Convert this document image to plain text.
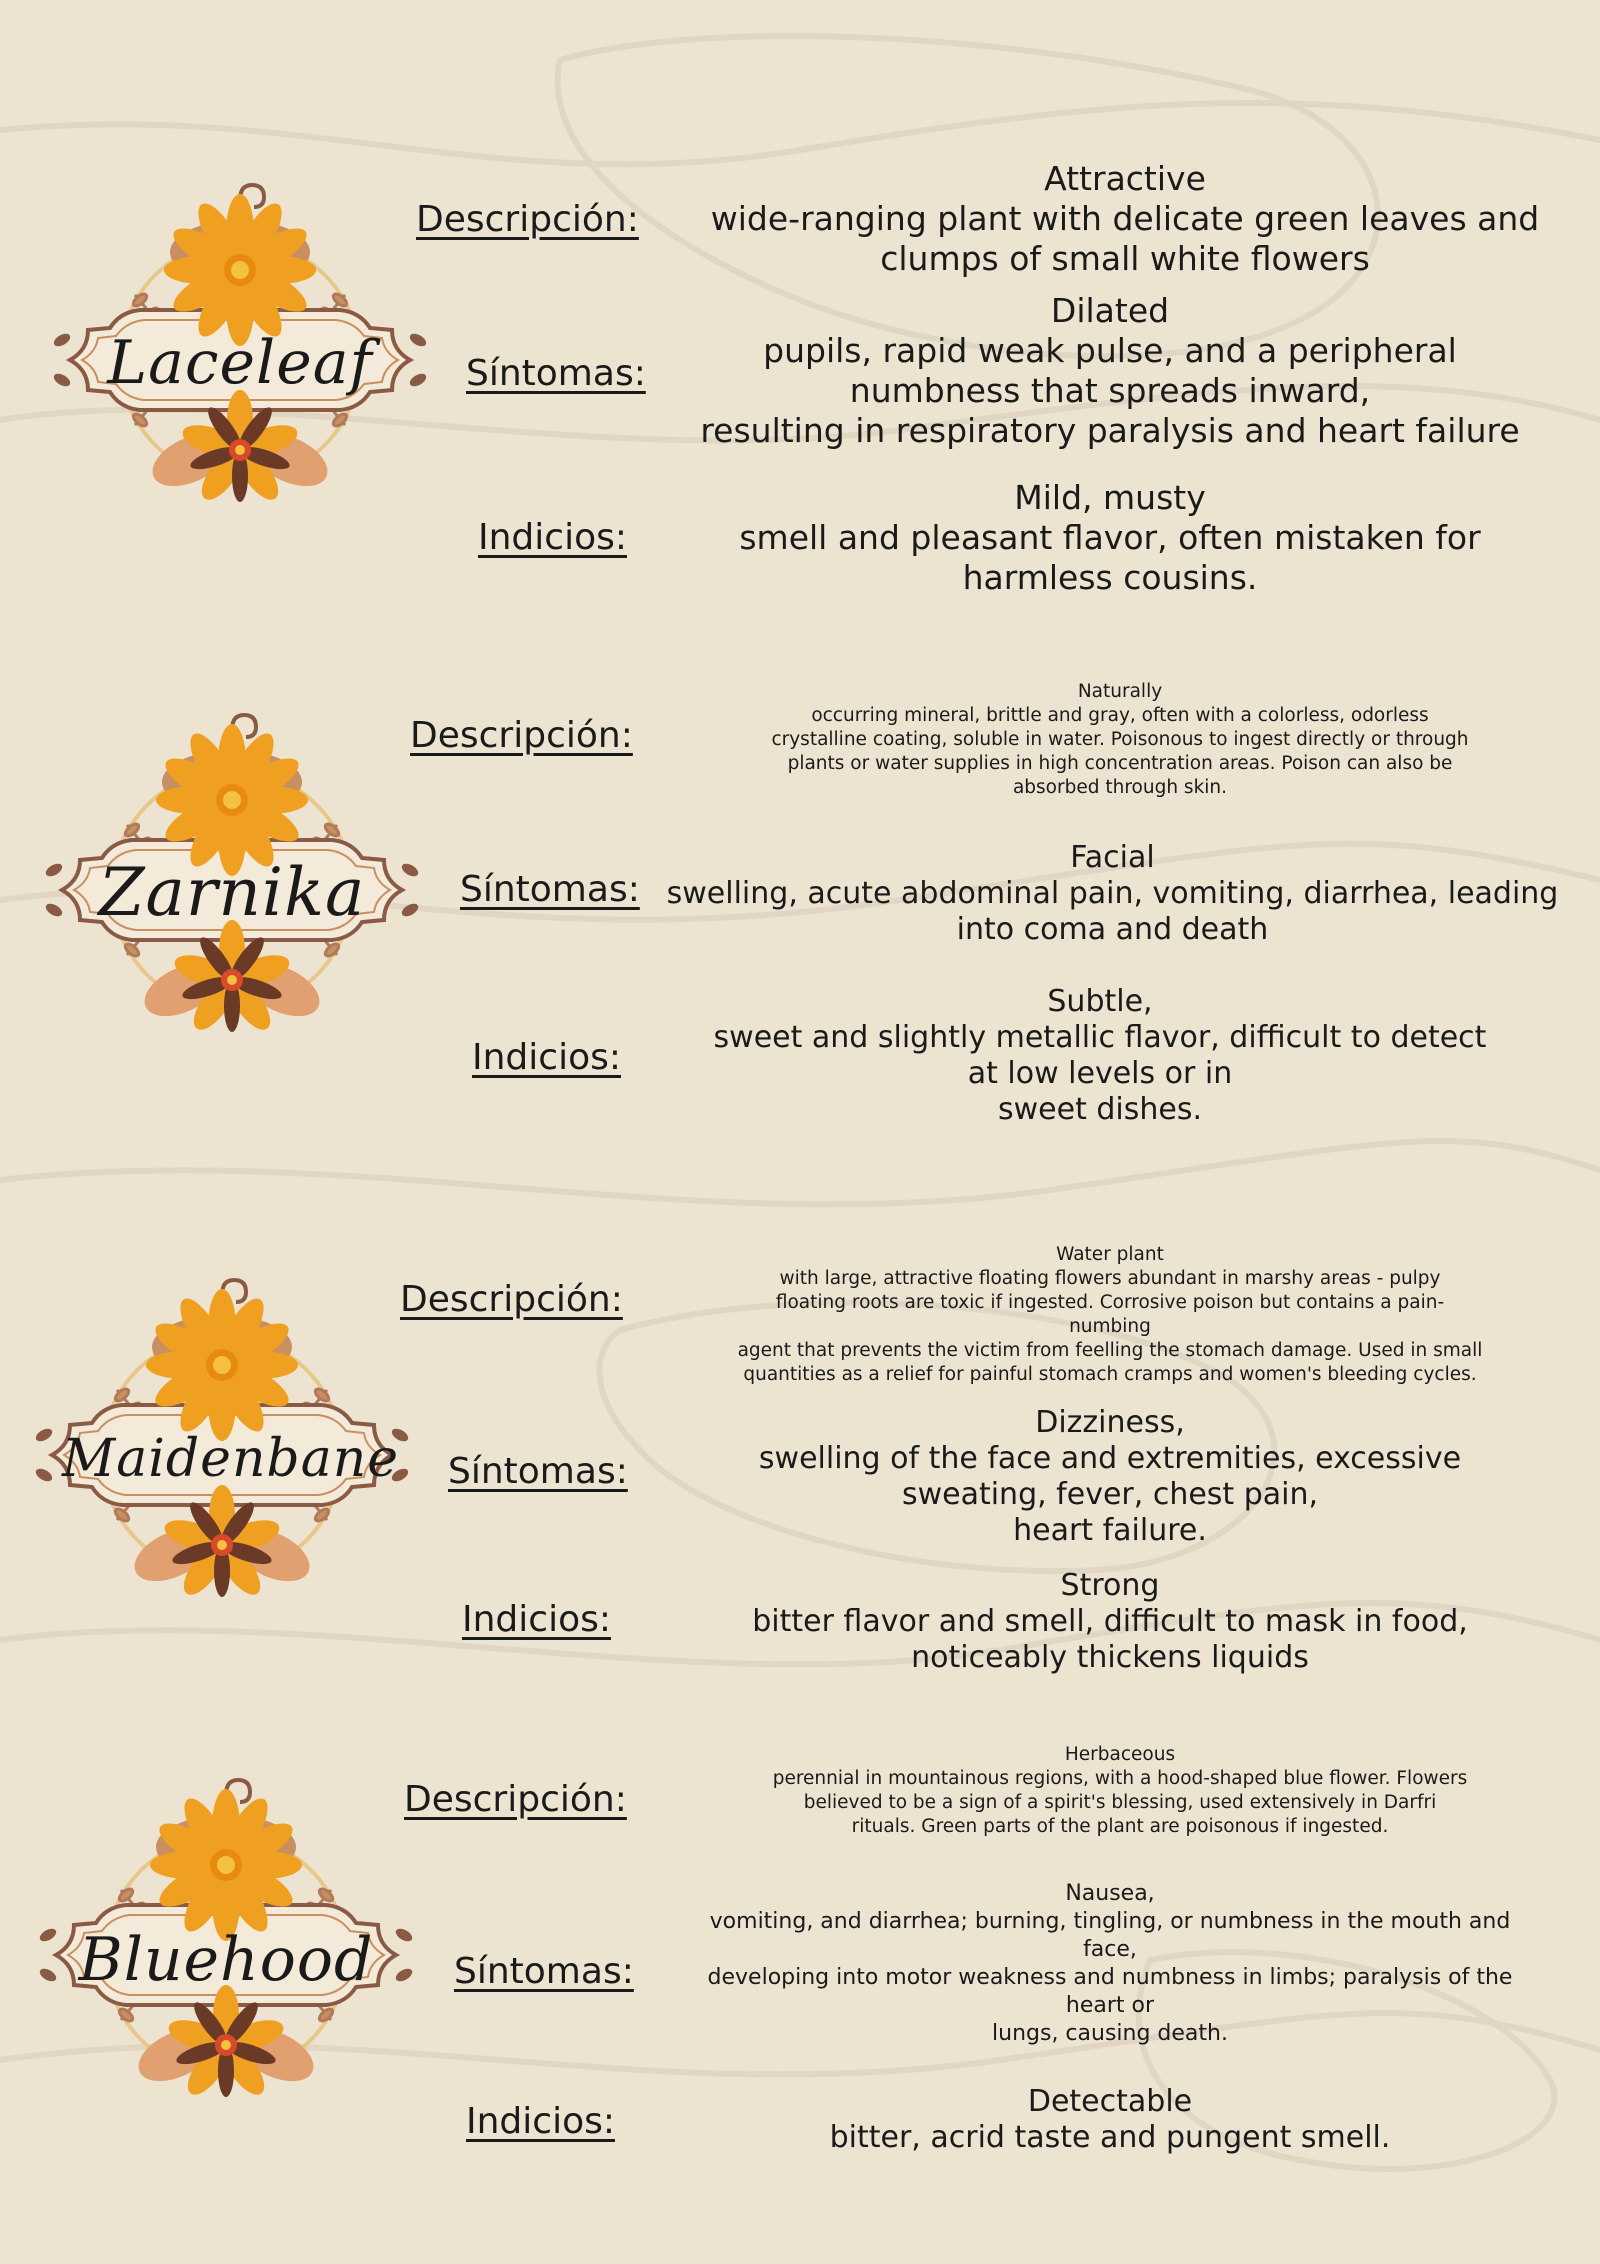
Laceleaf
Descripción:
Attractive
wide-ranging plant with delicate green leaves and
clumps of small white flowers
Síntomas:
Dilated
pupils, rapid weak pulse, and a peripheral
numbness that spreads inward,
resulting in respiratory paralysis and heart failure
Indicios:
Mild, musty
smell and pleasant flavor, often mistaken for
harmless cousins.
Zarnika
Descripción:
Naturally
occurring mineral, brittle and gray, often with a colorless, odorless
crystalline coating, soluble in water. Poisonous to ingest directly or through
plants or water supplies in high concentration areas. Poison can also be
absorbed through skin.
Síntomas:
Facial
swelling, acute abdominal pain, vomiting, diarrhea, leading
into coma and death
Indicios:
Subtle,
sweet and slightly metallic flavor, difficult to detect
at low levels or in
sweet dishes.
Maidenbane
Descripción:
Water plant
with large, attractive floating flowers abundant in marshy areas - pulpy
floating roots are toxic if ingested. Corrosive poison but contains a pain-
numbing
agent that prevents the victim from feelling the stomach damage. Used in small
quantities as a relief for painful stomach cramps and women's bleeding cycles.
Síntomas:
Dizziness,
swelling of the face and extremities, excessive
sweating, fever, chest pain,
heart failure.
Indicios:
Strong
bitter flavor and smell, difficult to mask in food,
noticeably thickens liquids
Bluehood
Descripción:
Herbaceous
perennial in mountainous regions, with a hood-shaped blue flower. Flowers
believed to be a sign of a spirit's blessing, used extensively in Darfri
rituals. Green parts of the plant are poisonous if ingested.
Síntomas:
Nausea,
vomiting, and diarrhea; burning, tingling, or numbness in the mouth and
face,
developing into motor weakness and numbness in limbs; paralysis of the
heart or
lungs, causing death.
Indicios:	Detectable
bitter, acrid taste and pungent smell.
